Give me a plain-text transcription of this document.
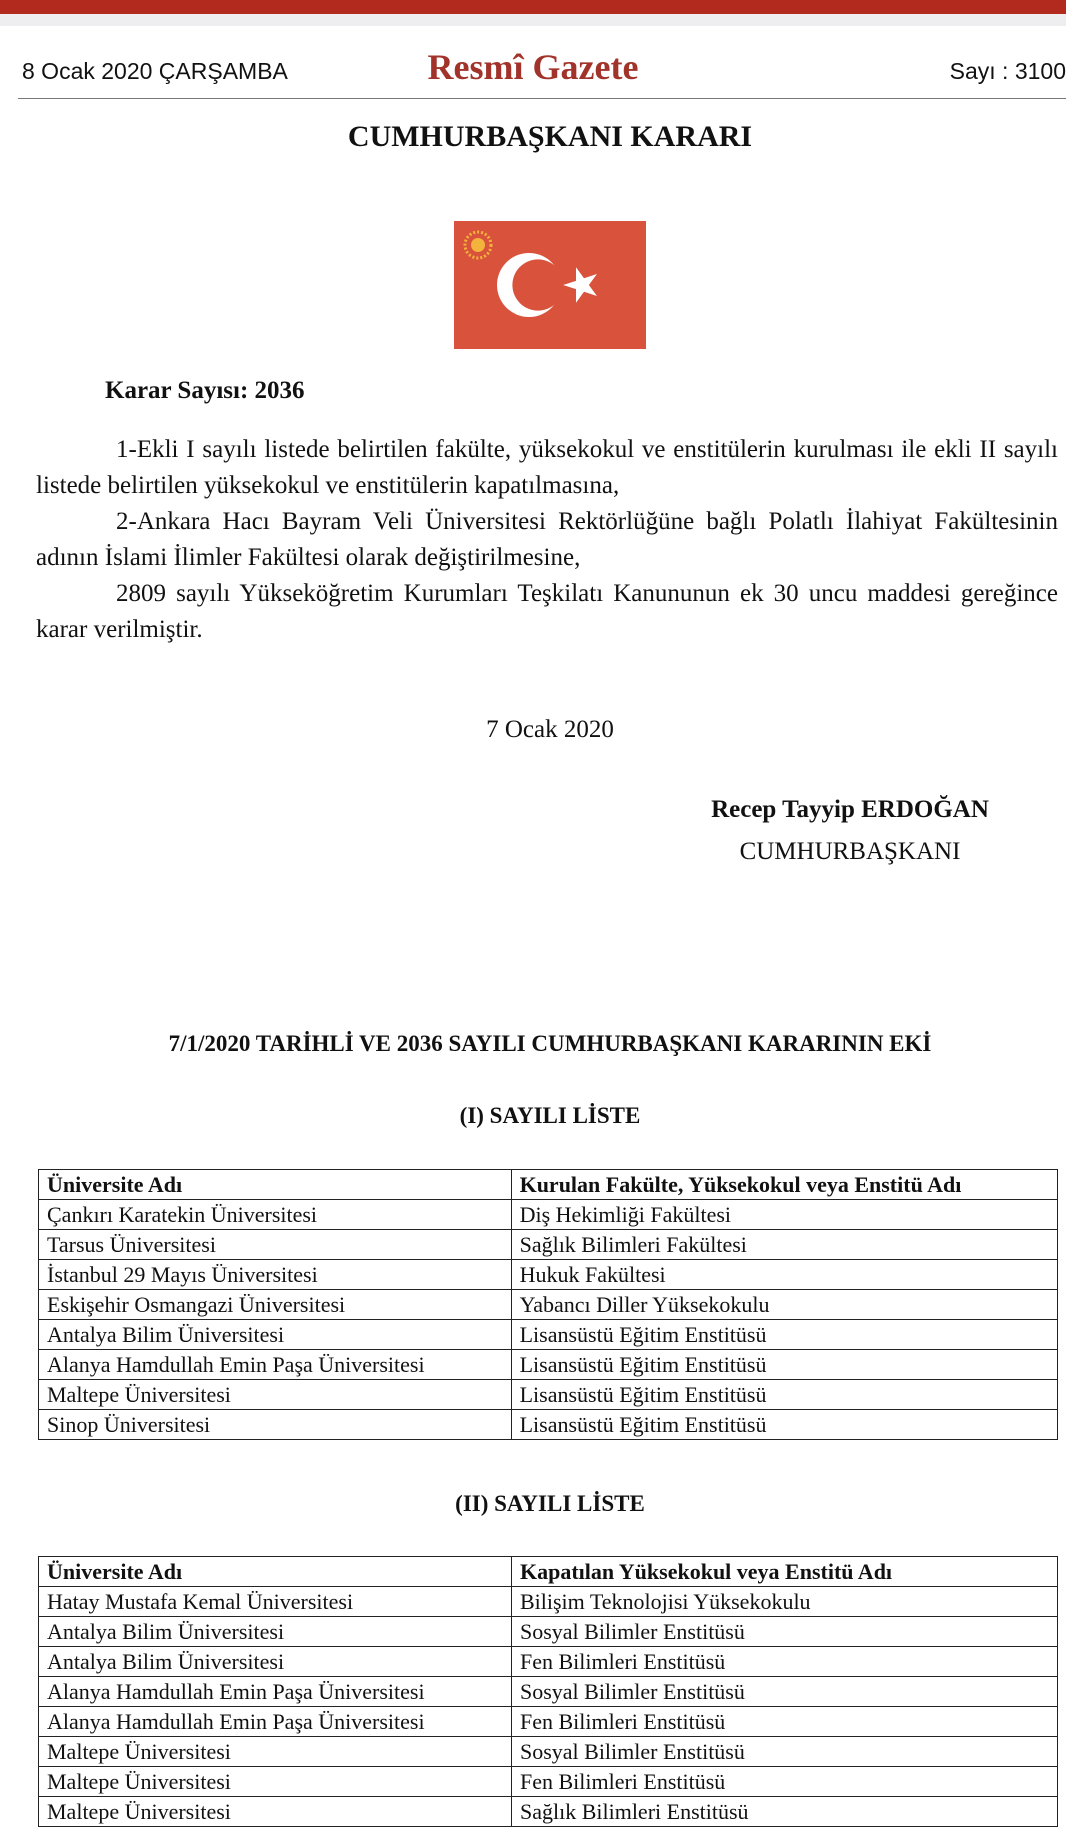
8 Ocak 2020 ÇARŞAMBA	Resmî Gazete	Sayı : 3100
CUMHURBAŞKANI KARARI
Karar Sayısı: 2036
1-Ekli I sayılı listede belirtilen fakülte, yüksekokul ve enstitülerin kurulması ile ekli II sayılı listede belirtilen yüksekokul ve enstitülerin kapatılmasına,
2-Ankara Hacı Bayram Veli Üniversitesi Rektörlüğüne bağlı Polatlı İlahiyat Fakültesinin adının İslami İlimler Fakültesi olarak değiştirilmesine,
2809 sayılı Yükseköğretim Kurumları Teşkilatı Kanununun ek 30 uncu maddesi gereğince karar verilmiştir.
7 Ocak 2020
Recep Tayyip ERDOĞAN
CUMHURBAŞKANI
7/1/2020 TARİHLİ VE 2036 SAYILI CUMHURBAŞKANI KARARININ EKİ
(I) SAYILI LİSTE
Üniversite Adı	Kurulan Fakülte, Yüksekokul veya Enstitü Adı
Çankırı Karatekin Üniversitesi	Diş Hekimliği Fakültesi
Tarsus Üniversitesi	Sağlık Bilimleri Fakültesi
İstanbul 29 Mayıs Üniversitesi	Hukuk Fakültesi
Eskişehir Osmangazi Üniversitesi	Yabancı Diller Yüksekokulu
Antalya Bilim Üniversitesi	Lisansüstü Eğitim Enstitüsü
Alanya Hamdullah Emin Paşa Üniversitesi	Lisansüstü Eğitim Enstitüsü
Maltepe Üniversitesi	Lisansüstü Eğitim Enstitüsü
Sinop Üniversitesi	Lisansüstü Eğitim Enstitüsü
(II) SAYILI LİSTE
Üniversite Adı	Kapatılan Yüksekokul veya Enstitü Adı
Hatay Mustafa Kemal Üniversitesi	Bilişim Teknolojisi Yüksekokulu
Antalya Bilim Üniversitesi	Sosyal Bilimler Enstitüsü
Antalya Bilim Üniversitesi	Fen Bilimleri Enstitüsü
Alanya Hamdullah Emin Paşa Üniversitesi	Sosyal Bilimler Enstitüsü
Alanya Hamdullah Emin Paşa Üniversitesi	Fen Bilimleri Enstitüsü
Maltepe Üniversitesi	Sosyal Bilimler Enstitüsü
Maltepe Üniversitesi	Fen Bilimleri Enstitüsü
Maltepe Üniversitesi	Sağlık Bilimleri Enstitüsü
